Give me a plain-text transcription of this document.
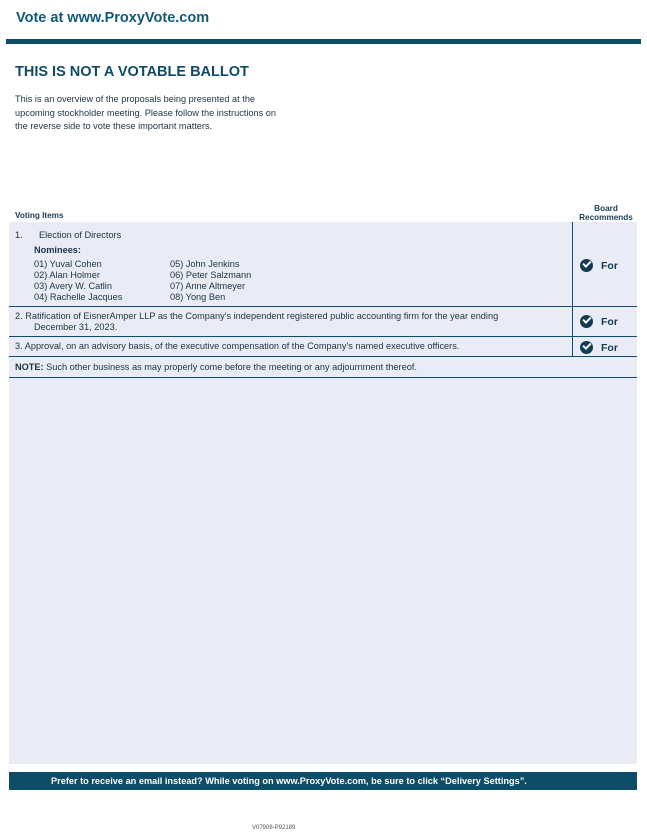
Vote at www.ProxyVote.com
THIS IS NOT A VOTABLE BALLOT
This is an overview of the proposals being presented at the
upcoming stockholder meeting. Please follow the instructions on
the reverse side to vote these important matters.
Voting Items
Board
Recommends
1. Election of Directors
Nominees:
01) Yuval Cohen
02) Alan Holmer
03) Avery W. Catlin
04) Rachelle Jacques
05) John Jenkins
06) Peter Salzmann
07) Anne Altmeyer
08) Yong Ben
For
2. Ratification of EisnerAmper LLP as the Company's independent registered public accounting firm for the year ending
December 31, 2023.	For
3. Approval, on an advisory basis, of the executive compensation of the Company's named executive officers.	For
NOTE: Such other business as may properly come before the meeting or any adjournment thereof.
Prefer to receive an email instead? While voting on www.ProxyVote.com, be sure to click “Delivery Settings”.
V07908-P92189
